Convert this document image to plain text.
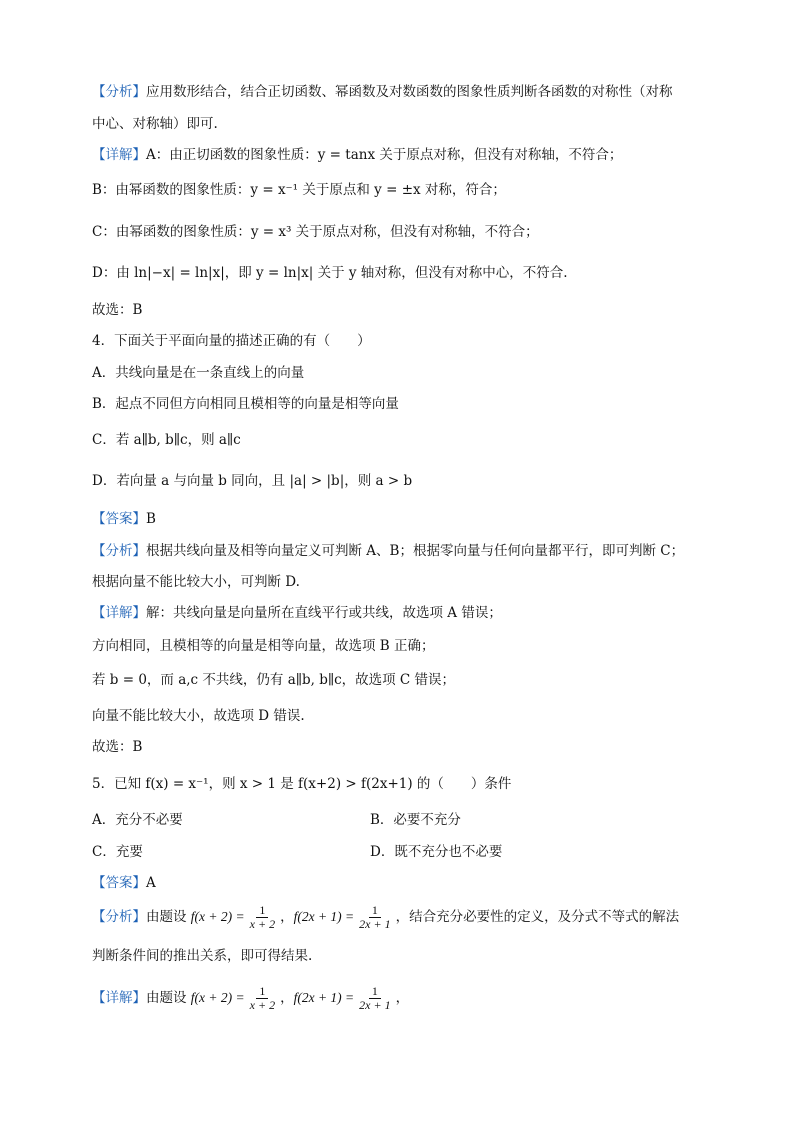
【分析】应用数形结合，结合正切函数、幂函数及对数函数的图象性质判断各函数的对称性（对称
中心、对称轴）即可.
【详解】A：由正切函数的图象性质：y = tanx 关于原点对称，但没有对称轴，不符合；
B：由幂函数的图象性质：y = x⁻¹ 关于原点和 y = ±x 对称，符合；
C：由幂函数的图象性质：y = x³ 关于原点对称，但没有对称轴，不符合；
D：由 ln|−x| = ln|x|，即 y = ln|x| 关于 y 轴对称，但没有对称中心，不符合.
故选：B
4．下面关于平面向量的描述正确的有（　　）
A．共线向量是在一条直线上的向量
B．起点不同但方向相同且模相等的向量是相等向量
C．若 a∥b, b∥c，则 a∥c
D．若向量 a 与向量 b 同向，且 |a| > |b|，则 a > b
【答案】B
【分析】根据共线向量及相等向量定义可判断 A、B；根据零向量与任何向量都平行，即可判断 C；
根据向量不能比较大小，可判断 D.
【详解】解：共线向量是向量所在直线平行或共线，故选项 A 错误；
方向相同，且模相等的向量是相等向量，故选项 B 正确；
若 b = 0，而 a,c 不共线，仍有 a∥b, b∥c，故选项 C 错误；
向量不能比较大小，故选项 D 错误.
故选：B
5．已知 f(x) = x⁻¹，则 x > 1 是 f(x+2) > f(2x+1) 的（　　）条件
A．充分不必要	B．必要不充分
C．充要	D．既不充分也不必要
【答案】A
【分析】由题设 $f(x + 2) = \frac{1}{x + 2}$ ，$f(2x + 1) = \frac{1}{2x + 1}$ ，结合充分必要性的定义，及分式不等式的解法
判断条件间的推出关系，即可得结果.
【详解】由题设 $f(x + 2) = \frac{1}{x + 2}$ ，$f(2x + 1) = \frac{1}{2x + 1}$ ，
